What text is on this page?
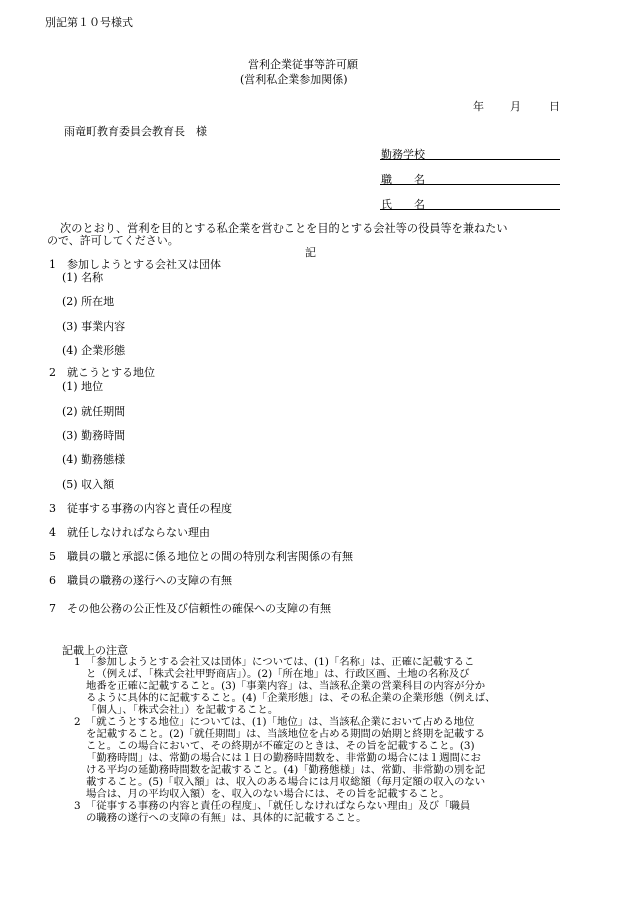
別記第１０号様式
営利企業従事等許可願
(営利私企業参加関係)
年 月	日
雨竜町教育委員会教育長　様
勤務学校
職　　名
氏　　名
次のとおり、営利を目的とする私企業を営むことを目的とする会社等の役員等を兼ねたい
ので、許可してください。
記
1　参加しようとする会社又は団体
(1) 名称
(2) 所在地
(3) 事業内容
(4) 企業形態
2　就こうとする地位
(1) 地位
(2) 就任期間
(3) 勤務時間
(4) 勤務態様
(5) 収入額
3　従事する事務の内容と責任の程度
4　就任しなければならない理由
5　職員の職と承認に係る地位との間の特別な利害関係の有無
6　職員の職務の遂行への支障の有無
7　その他公務の公正性及び信頼性の確保への支障の有無
記載上の注意
1　「参加しようとする会社又は団体」については、(1)「名称」は、正確に記載するこ
と（例えば、「株式会社甲野商店」）。(2)「所在地」は、行政区画、土地の名称及び
地番を正確に記載すること。(3)「事業内容」は、当該私企業の営業科目の内容が分か
るように具体的に記載すること。(4)「企業形態」は、その私企業の企業形態（例えば、
「個人」、「株式会社」）を記載すること。
2　「就こうとする地位」については、(1)「地位」は、当該私企業において占める地位
を記載すること。(2)「就任期間」は、当該地位を占める期間の始期と終期を記載する
こと。この場合において、その終期が不確定のときは、その旨を記載すること。(3)
「勤務時間」は、常勤の場合には１日の勤務時間数を、非常勤の場合には１週間にお
ける平均の延勤務時間数を記載すること。(4)「勤務態様」は、常勤、非常勤の別を記
載すること。(5)「収入額」は、収入のある場合には月収総額（毎月定額の収入のない
場合は、月の平均収入額）を、収入のない場合には、その旨を記載すること。
3　「従事する事務の内容と責任の程度」、「就任しなければならない理由」及び「職員
の職務の遂行への支障の有無」は、具体的に記載すること。
